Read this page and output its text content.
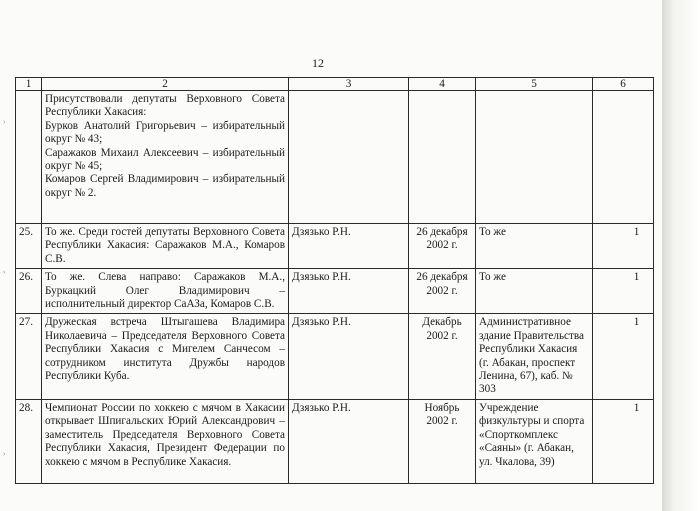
›
›
›
12
1	2	3	4	5	6

	Присутствовали депутаты Верховного Совета Республики Хакасия:
Бурков Анатолий Григорьевич – избирательный округ № 43;
Саражаков Михаил Алексеевич – избирательный округ № 45;
Комаров Сергей Владимирович – избирательный округ № 2.				

25.	То же. Среди гостей депутаты Верховного Совета Республики Хакасия: Саражаков М.А., Комаров С.В.	Дзязько Р.Н.	26 декабря 2002 г.	То же	1
26.	То же. Слева направо: Саражаков М.А., Буркацкий Олег Владимирович – исполнительный директор СаАЗа, Комаров С.В.	Дзязько Р.Н.	26 декабря 2002 г.	То же	1
27.	Дружеская встреча Штыгашева Владимира Николаевича – Председателя Верховного Совета Республики Хакасия с Мигелем Санчесом – сотрудником института Дружбы народов Республики Куба.	Дзязько Р.Н.	Декабрь 2002 г.	Административное здание Правительства Республики Хакасия (г. Абакан, проспект Ленина, 67), каб. № 303	1
28.	Чемпионат России по хоккею с мячом в Хакасии открывает Шпигальских Юрий Александрович – заместитель Председателя Верховного Совета Республики Хакасия, Президент Федерации по хоккею с мячом в Республике Хакасия.	Дзязько Р.Н.	Ноябрь 2002 г.	Учреждение физкультуры и спорта «Спорткомплекс «Саяны» (г. Абакан, ул. Чкалова, 39)	1
